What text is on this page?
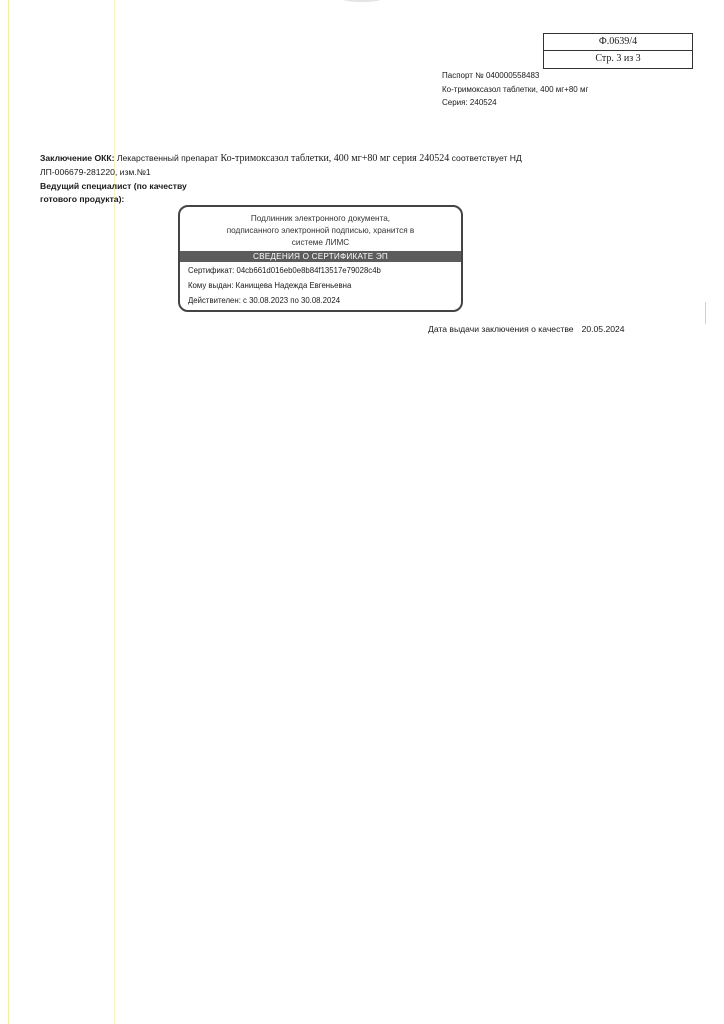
Ф.0639/4
Стр. 3 из 3
Паспорт № 040000558483
Ко-тримоксазол таблетки, 400 мг+80 мг
Серия: 240524
Заключение ОКК: Лекарственный препарат Ко-тримоксазол таблетки, 400 мг+80 мг серия 240524 соответствует НД
ЛП-006679-281220, изм.№1
Ведущий специалист (по качеству
готового продукта):
Подлинник электронного документа,
подписанного электронной подписью, хранится в
системе ЛИМС
СВЕДЕНИЯ О СЕРТИФИКАТЕ ЭП
Сертификат: 04cb661d016eb0e8b84f13517e79028c4b
Кому выдан: Канищева Надежда Евгеньевна
Действителен: с 30.08.2023 по 30.08.2024
Дата выдачи заключения о качестве 20.05.2024
